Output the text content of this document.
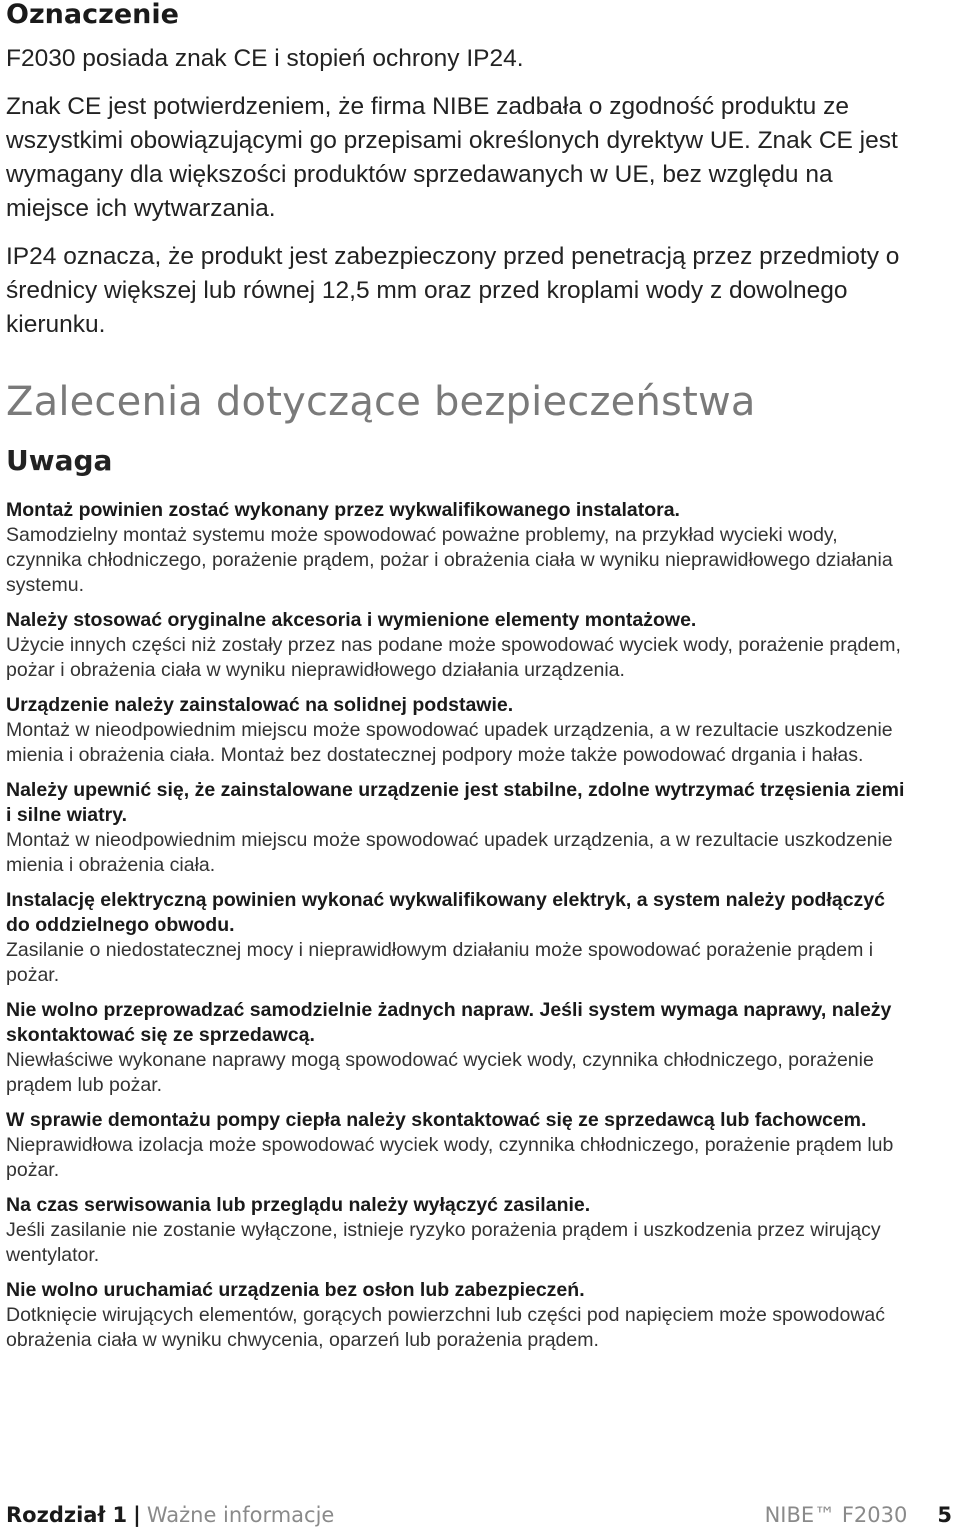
Oznaczenie

F2030 posiada znak CE i stopień ochrony IP24.

Znak CE jest potwierdzeniem, że firma NIBE zadbała o zgodność produktu ze wszystkimi obowiązującymi go przepisami określonych dyrektyw UE. Znak CE jest wymagany dla większości produktów sprzedawanych w UE, bez względu na miejsce ich wytwarzania.

IP24 oznacza, że produkt jest zabezpieczony przed penetracją przez przedmioty o średnicy większej lub równej 12,5 mm oraz przed kroplami wody z dowolnego kierunku.

Zalecenia dotyczące bezpieczeństwa
Uwaga

Montaż powinien zostać wykonany przez wykwalifikowanego instalatora.

Samodzielny montaż systemu może spowodować poważne problemy, na przykład wycieki wody, czynnika chłodniczego, porażenie prądem, pożar i obrażenia ciała w wyniku nieprawidłowego działania systemu.

Należy stosować oryginalne akcesoria i wymienione elementy montażowe.

Użycie innych części niż zostały przez nas podane może spowodować wyciek wody, porażenie prądem, pożar i obrażenia ciała w wyniku nieprawidłowego działania urządzenia.

Urządzenie należy zainstalować na solidnej podstawie.

Montaż w nieodpowiednim miejscu może spowodować upadek urządzenia, a w rezultacie uszkodzenie mienia i obrażenia ciała. Montaż bez dostatecznej podpory może także powodować drgania i hałas.

Należy upewnić się, że zainstalowane urządzenie jest stabilne, zdolne wytrzymać trzęsienia ziemi i silne wiatry.

Montaż w nieodpowiednim miejscu może spowodować upadek urządzenia, a w rezultacie uszkodzenie mienia i obrażenia ciała.

Instalację elektryczną powinien wykonać wykwalifikowany elektryk, a system należy podłączyć do oddzielnego obwodu.

Zasilanie o niedostatecznej mocy i nieprawidłowym działaniu może spowodować porażenie prądem i pożar.

Nie wolno przeprowadzać samodzielnie żadnych napraw. Jeśli system wymaga naprawy, należy skontaktować się ze sprzedawcą.

Niewłaściwe wykonane naprawy mogą spowodować wyciek wody, czynnika chłodniczego, porażenie prądem lub pożar.

W sprawie demontażu pompy ciepła należy skontaktować się ze sprzedawcą lub fachowcem.

Nieprawidłowa izolacja może spowodować wyciek wody, czynnika chłodniczego, porażenie prądem lub pożar.

Na czas serwisowania lub przeglądu należy wyłączyć zasilanie.

Jeśli zasilanie nie zostanie wyłączone, istnieje ryzyko porażenia prądem i uszkodzenia przez wirujący wentylator.

Nie wolno uruchamiać urządzenia bez osłon lub zabezpieczeń.

Dotknięcie wirujących elementów, gorących powierzchni lub części pod napięciem może spowodować obrażenia ciała w wyniku chwycenia, oparzeń lub porażenia prądem.

Rozdział 1 | Ważne informacje	NIBE™ F2030 5
